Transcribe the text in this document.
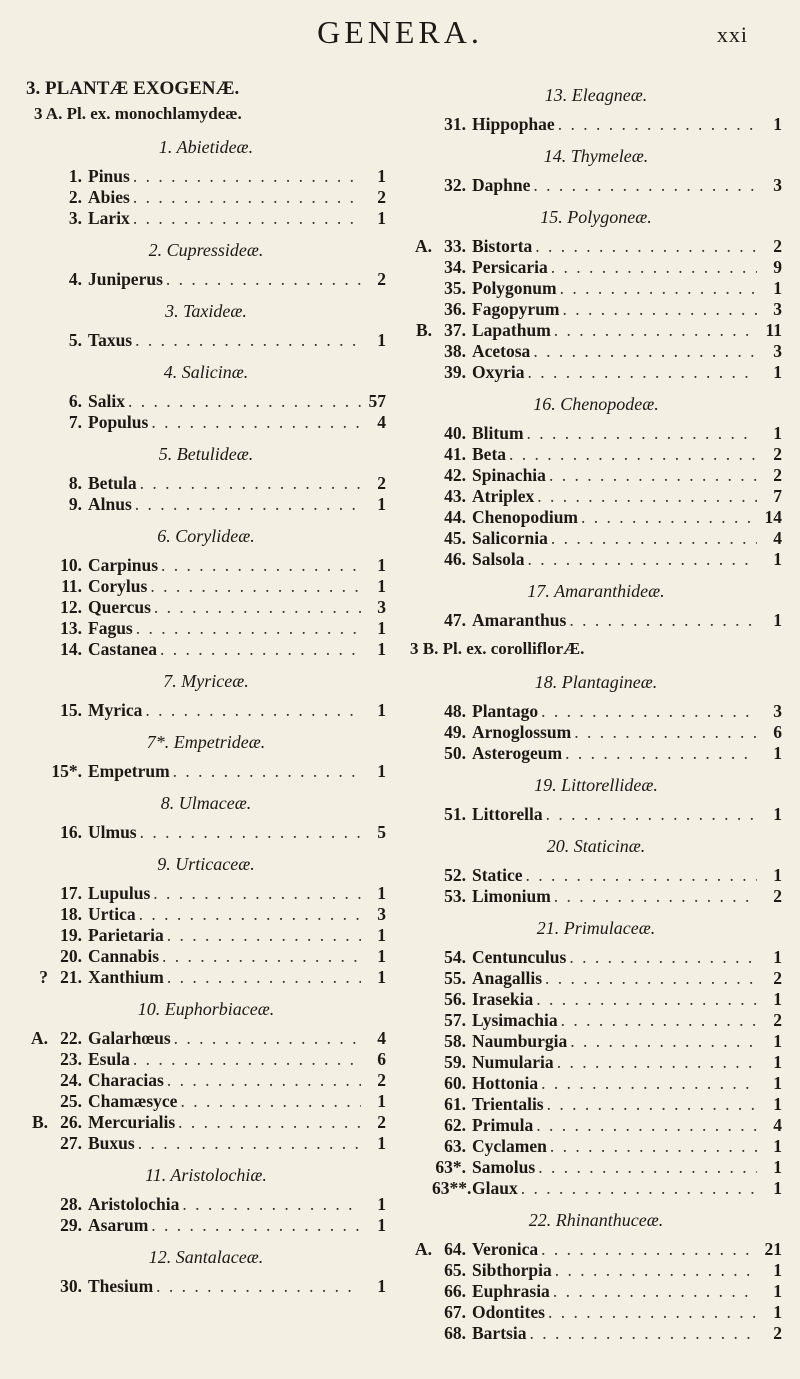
GENERA.	xxi
3. PLANTÆ EXOGENÆ.
3 A. Pl. ex. monochlamydeæ.
1. Abietideæ.
1. Pinus . . .	1
2. Abies . . .	2
3. Larix . . .	1
2. Cupressideæ.
4. Juniperus . . .	2
3. Taxideæ.
5. Taxus . . .	1
4. Salicinæ.
6. Salix . . .	57
7. Populus . . .	4
5. Betulideæ.
8. Betula . . .	2
9. Alnus . . .	1
6. Corylideæ.
10. Carpinus . . .	1
11. Corylus . . .	1
12. Quercus . . .	3
13. Fagus . . .	1
14. Castanea . . .	1
7. Myriceæ.
15. Myrica . . .	1
7*. Empetrideæ.
15*. Empetrum . . .	1
8. Ulmaceæ.
16. Ulmus . . .	5
9. Urticaceæ.
17. Lupulus . . .	1
18. Urtica . . .	3
19. Parietaria . . .	1
20. Cannabis . . .	1
? 21. Xanthium . . .	1
10. Euphorbiaceæ.
A. 22. Galarhœus . . .	4
23. Esula . . .	6
24. Characias . . .	2
25. Chamæsyce . . .	1
B. 26. Mercurialis . . .	2
27. Buxus . . .	1
11. Aristolochiæ.
28. Aristolochia . . .	1
29. Asarum . . .	1
12. Santalaceæ.
30. Thesium . . .	1
13. Eleagneæ.
31. Hippophae . . .	1
14. Thymeleæ.
32. Daphne . . .	3
15. Polygoneæ.
A. 33. Bistorta . . .	2
34. Persicaria . . .	9
35. Polygonum . . .	1
36. Fagopyrum . . .	3
B. 37. Lapathum . . .	11
38. Acetosa . . .	3
39. Oxyria . . .	1
16. Chenopodeæ.
40. Blitum . . .	1
41. Beta . . .	2
42. Spinachia . . .	2
43. Atriplex . . .	7
44. Chenopodium . . .	14
45. Salicornia . . .	4
46. Salsola . . .	1
17. Amaranthideæ.
47. Amaranthus . . .	1
3 B. Pl. ex. corolliflorÆ.
18. Plantagineæ.
48. Plantago . . .	3
49. Arnoglossum . . .	6
50. Asterogeum . . .	1
19. Littorellideæ.
51. Littorella . . .	1
20. Staticinæ.
52. Statice . . .	1
53. Limonium . . .	2
21. Primulaceæ.
54. Centunculus . . .	1
55. Anagallis . . .	2
56. Irasekia . . .	1
57. Lysimachia . . .	2
58. Naumburgia . . .	1
59. Numularia . . .	1
60. Hottonia . . .	1
61. Trientalis . . .	1
62. Primula . . .	4
63. Cyclamen . . .	1
63*. Samolus . . .	1
63**. Glaux . . .	1
22. Rhinanthuceæ.
A. 64. Veronica . . .	21
65. Sibthorpia . . .	1
66. Euphrasia . . .	1
67. Odontites . . .	1
68. Bartsia . . .	2
